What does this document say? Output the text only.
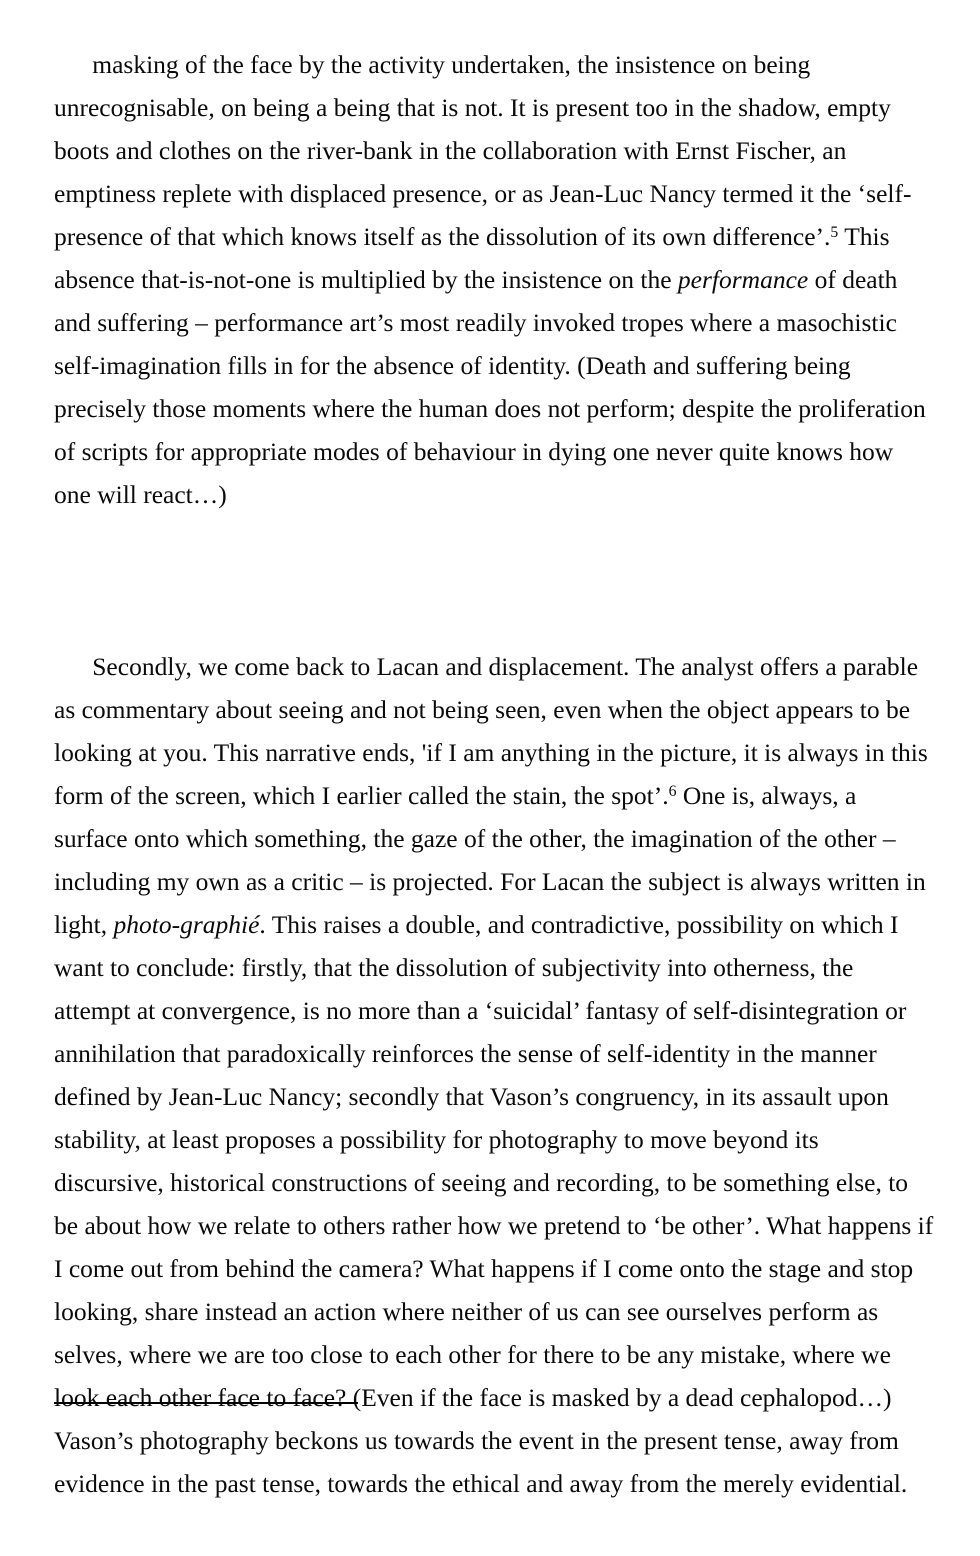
masking of the face by the activity undertaken, the insistence on being unrecognisable, on being a being that is not. It is present too in the shadow, empty boots and clothes on the river-bank in the collaboration with Ernst Fischer, an emptiness replete with displaced presence, or as Jean-Luc Nancy termed it the ‘self-presence of that which knows itself as the dissolution of its own difference’.$^5$ This absence that-is-not-one is multiplied by the insistence on the performance of death and suffering – performance art’s most readily invoked tropes where a masochistic self-imagination fills in for the absence of identity. (Death and suffering being precisely those moments where the human does not perform; despite the proliferation of scripts for appropriate modes of behaviour in dying one never quite knows how one will react…)

Secondly, we come back to Lacan and displacement. The analyst offers a parable as commentary about seeing and not being seen, even when the object appears to be looking at you. This narrative ends, 'if I am anything in the picture, it is always in this form of the screen, which I earlier called the stain, the spot’.$^6$ One is, always, a surface onto which something, the gaze of the other, the imagination of the other – including my own as a critic – is projected. For Lacan the subject is always written in light, photo-graphié. This raises a double, and contradictive, possibility on which I want to conclude: firstly, that the dissolution of subjectivity into otherness, the attempt at convergence, is no more than a ‘suicidal’ fantasy of self-disintegration or annihilation that paradoxically reinforces the sense of self-identity in the manner defined by Jean-Luc Nancy; secondly that Vason’s congruency, in its assault upon stability, at least proposes a possibility for photography to move beyond its discursive, historical constructions of seeing and recording, to be something else, to be about how we relate to others rather how we pretend to ‘be other’. What happens if I come out from behind the camera? What happens if I come onto the stage and stop looking, share instead an action where neither of us can see ourselves perform as selves, where we are too close to each other for there to be any mistake, where we look each other face to face? (Even if the face is masked by a dead cephalopod…) Vason’s photography beckons us towards the event in the present tense, away from evidence in the past tense, towards the ethical and away from the merely evidential.
